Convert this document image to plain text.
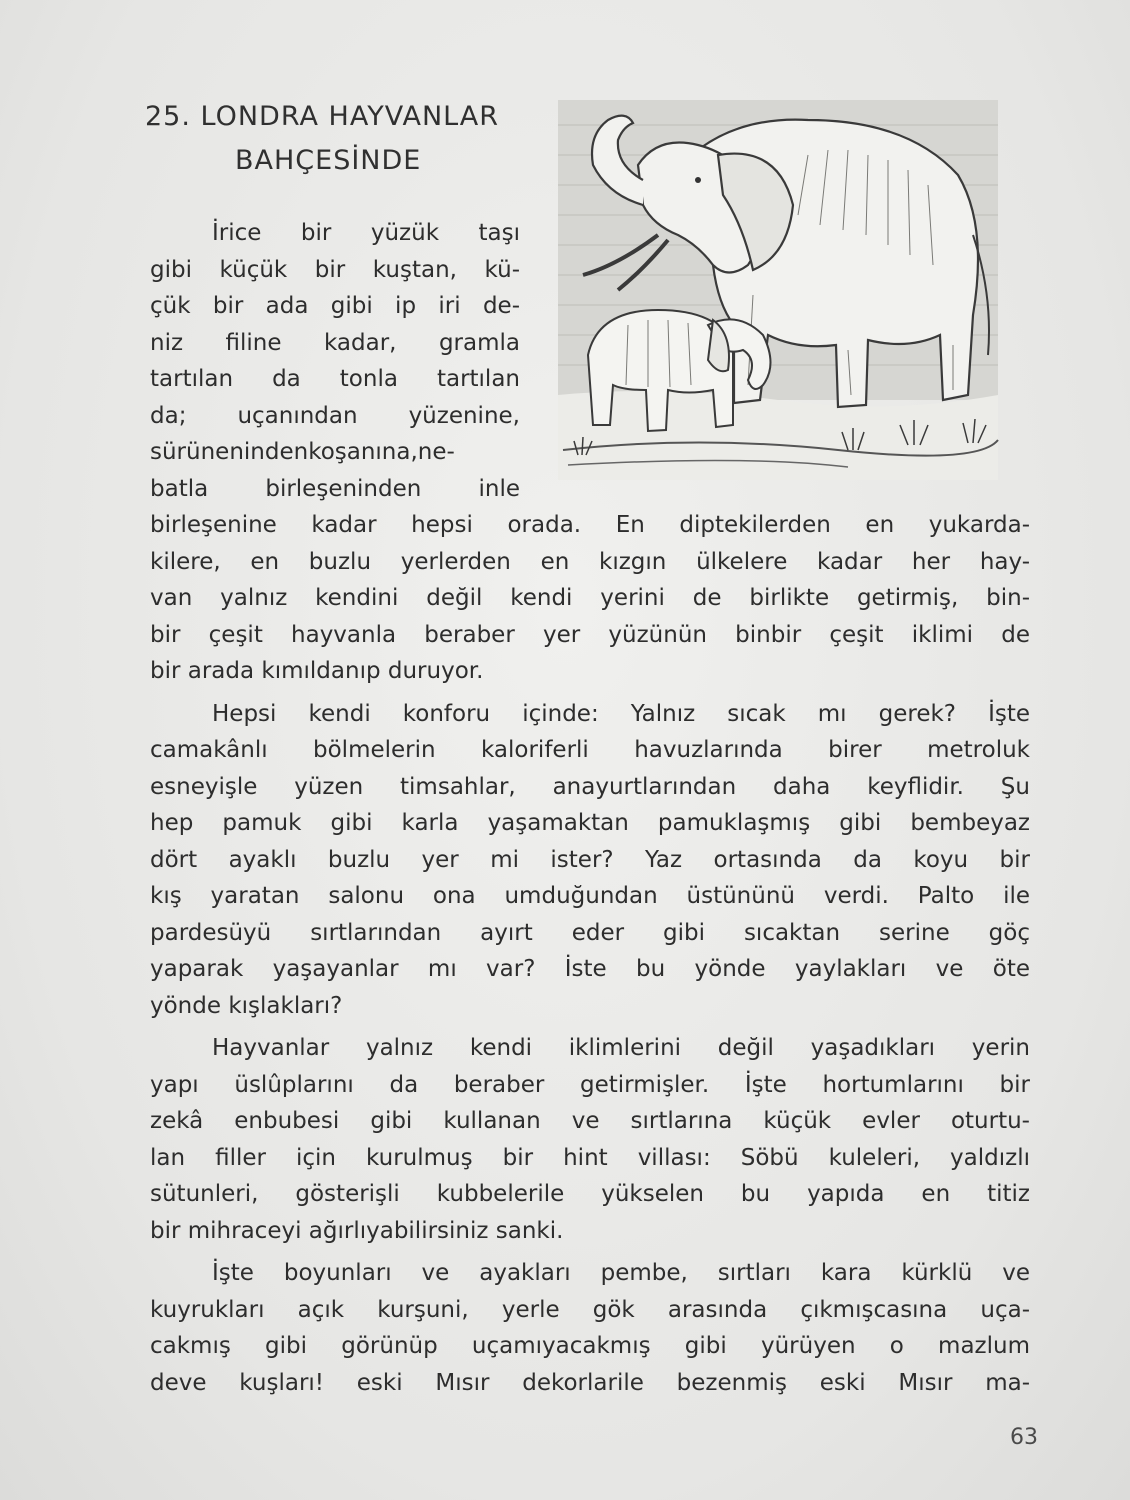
25. LONDRA HAYVANLAR
BAHÇESİNDE
İrice bir yüzük taşı
gibi küçük bir kuştan, kü-
çük bir ada gibi ip iri de-
niz filine kadar, gramla
tartılan da tonla tartılan
da; uçanından yüzenine,
sürünenindenkoşanına,ne-
batla birleşeninden inle
birleşenine kadar hepsi orada. En diptekilerden en yukarda-
kilere, en buzlu yerlerden en kızgın ülkelere kadar her hay-
van yalnız kendini değil kendi yerini de birlikte getirmiş, bin-
bir çeşit hayvanla beraber yer yüzünün binbir çeşit iklimi de
bir arada kımıldanıp duruyor.
Hepsi kendi konforu içinde: Yalnız sıcak mı gerek? İşte
camakânlı bölmelerin kaloriferli havuzlarında birer metroluk
esneyişle yüzen timsahlar, anayurtlarından daha keyflidir. Şu
hep pamuk gibi karla yaşamaktan pamuklaşmış gibi bembeyaz
dört ayaklı buzlu yer mi ister? Yaz ortasında da koyu bir
kış yaratan salonu ona umduğundan üstününü verdi. Palto ile
pardesüyü sırtlarından ayırt eder gibi sıcaktan serine göç
yaparak yaşayanlar mı var? İste bu yönde yaylakları ve öte
yönde kışlakları?
Hayvanlar yalnız kendi iklimlerini değil yaşadıkları yerin
yapı üslûplarını da beraber getirmişler. İşte hortumlarını bir
zekâ enbubesi gibi kullanan ve sırtlarına küçük evler oturtu-
lan filler için kurulmuş bir hint villası: Söbü kuleleri, yaldızlı
sütunleri, gösterişli kubbelerile yükselen bu yapıda en titiz
bir mihraceyi ağırlıyabilirsiniz sanki.
İşte boyunları ve ayakları pembe, sırtları kara kürklü ve
kuyrukları açık kurşuni, yerle gök arasında çıkmışcasına uça-
cakmış gibi görünüp uçamıyacakmış gibi yürüyen o mazlum
deve kuşları! eski Mısır dekorlarile bezenmiş eski Mısır ma-
63
